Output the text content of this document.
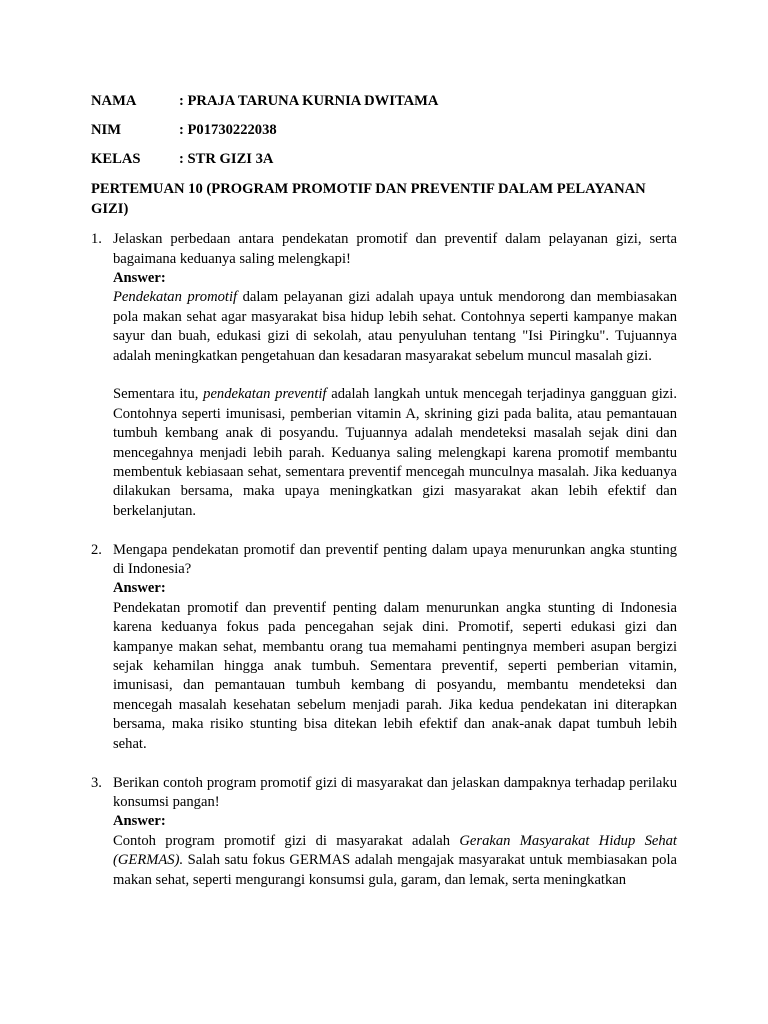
NAMA	: PRAJA TARUNA KURNIA DWITAMA
NIM	: P01730222038
KELAS	: STR GIZI 3A
PERTEMUAN 10 (PROGRAM PROMOTIF DAN PREVENTIF DALAM PELAYANAN GIZI)
1. Jelaskan perbedaan antara pendekatan promotif dan preventif dalam pelayanan gizi, serta bagaimana keduanya saling melengkapi!
Answer:
Pendekatan promotif dalam pelayanan gizi adalah upaya untuk mendorong dan membiasakan pola makan sehat agar masyarakat bisa hidup lebih sehat. Contohnya seperti kampanye makan sayur dan buah, edukasi gizi di sekolah, atau penyuluhan tentang "Isi Piringku". Tujuannya adalah meningkatkan pengetahuan dan kesadaran masyarakat sebelum muncul masalah gizi.
Sementara itu, pendekatan preventif adalah langkah untuk mencegah terjadinya gangguan gizi. Contohnya seperti imunisasi, pemberian vitamin A, skrining gizi pada balita, atau pemantauan tumbuh kembang anak di posyandu. Tujuannya adalah mendeteksi masalah sejak dini dan mencegahnya menjadi lebih parah. Keduanya saling melengkapi karena promotif membantu membentuk kebiasaan sehat, sementara preventif mencegah munculnya masalah. Jika keduanya dilakukan bersama, maka upaya meningkatkan gizi masyarakat akan lebih efektif dan berkelanjutan.
2. Mengapa pendekatan promotif dan preventif penting dalam upaya menurunkan angka stunting di Indonesia?
Answer:
Pendekatan promotif dan preventif penting dalam menurunkan angka stunting di Indonesia karena keduanya fokus pada pencegahan sejak dini. Promotif, seperti edukasi gizi dan kampanye makan sehat, membantu orang tua memahami pentingnya memberi asupan bergizi sejak kehamilan hingga anak tumbuh. Sementara preventif, seperti pemberian vitamin, imunisasi, dan pemantauan tumbuh kembang di posyandu, membantu mendeteksi dan mencegah masalah kesehatan sebelum menjadi parah. Jika kedua pendekatan ini diterapkan bersama, maka risiko stunting bisa ditekan lebih efektif dan anak-anak dapat tumbuh lebih sehat.
3. Berikan contoh program promotif gizi di masyarakat dan jelaskan dampaknya terhadap perilaku konsumsi pangan!
Answer:
Contoh program promotif gizi di masyarakat adalah Gerakan Masyarakat Hidup Sehat (GERMAS). Salah satu fokus GERMAS adalah mengajak masyarakat untuk membiasakan pola makan sehat, seperti mengurangi konsumsi gula, garam, dan lemak, serta meningkatkan
